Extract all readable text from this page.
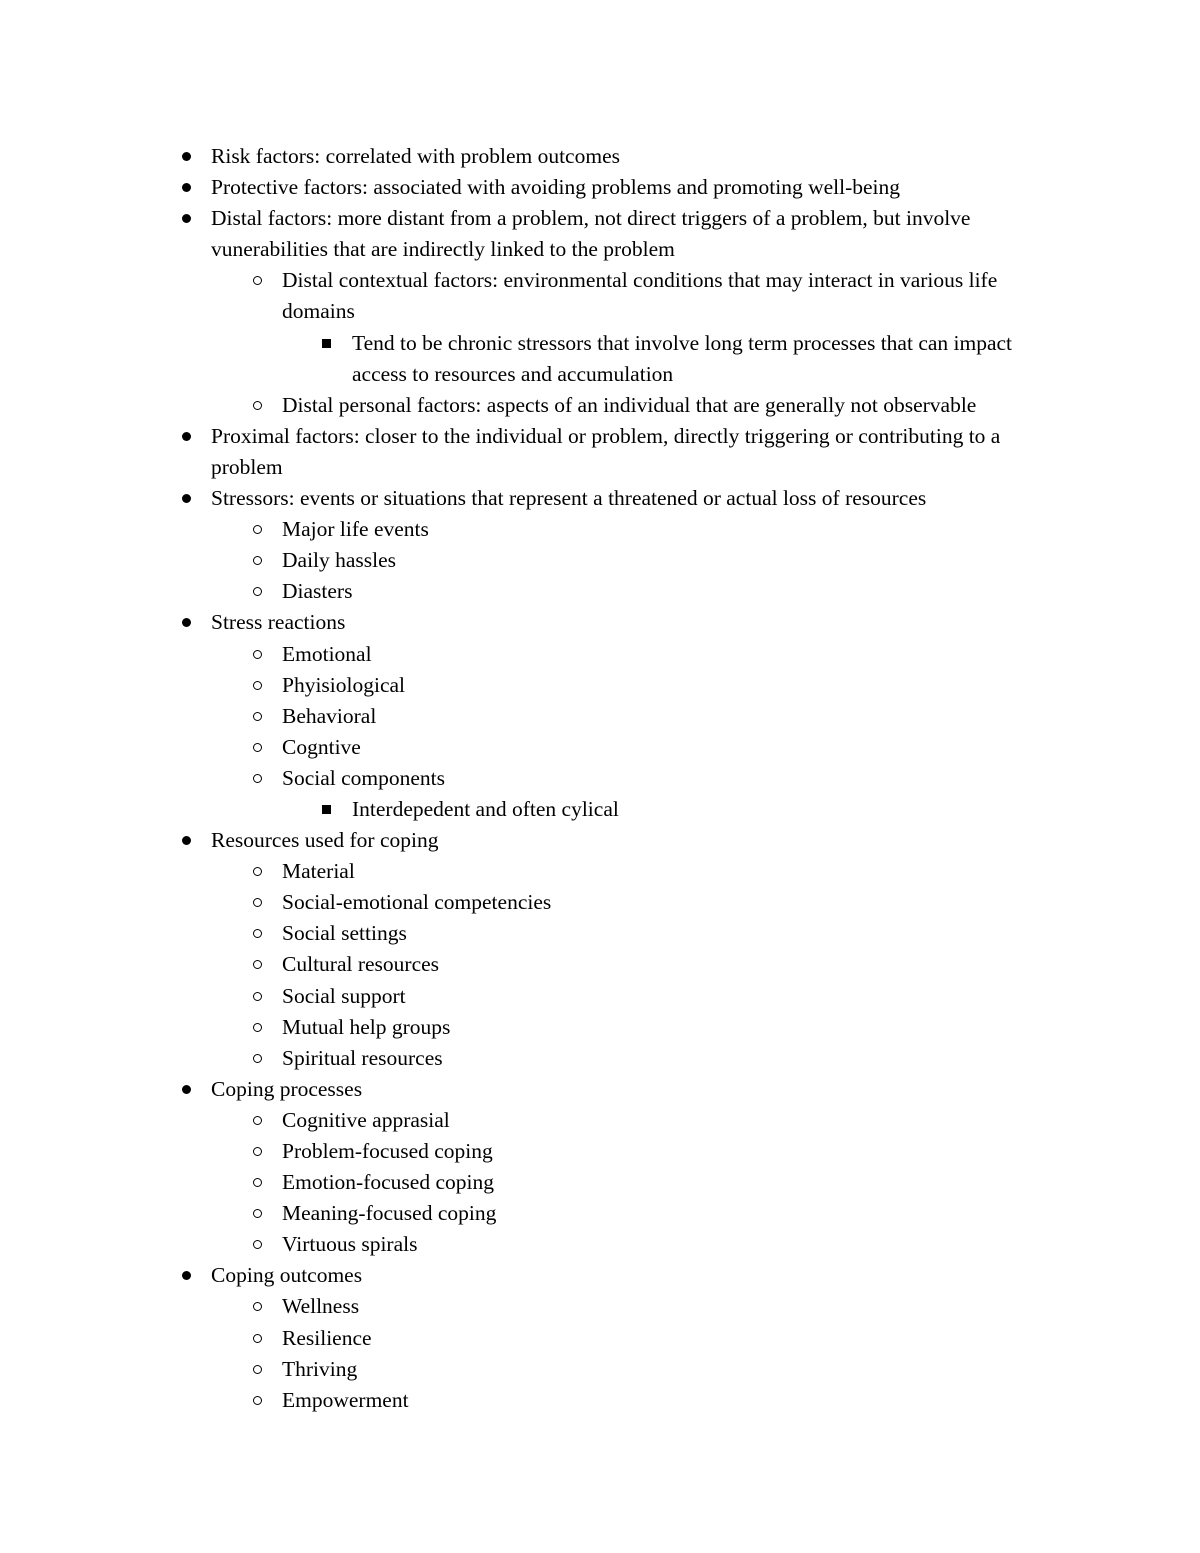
Risk factors: correlated with problem outcomes
Protective factors: associated with avoiding problems and promoting well-being
Distal factors: more distant from a problem, not direct triggers of a problem, but involve vunerabilities that are indirectly linked to the problem
Distal contextual factors: environmental conditions that may interact in various life domains
Tend to be chronic stressors that involve long term processes that can impact access to resources and accumulation
Distal personal factors: aspects of an individual that are generally not observable
Proximal factors: closer to the individual or problem, directly triggering or contributing to a problem
Stressors: events or situations that represent a threatened or actual loss of resources
Major life events
Daily hassles
Diasters
Stress reactions
Emotional
Phyisiological
Behavioral
Cogntive
Social components
Interdepedent and often cylical
Resources used for coping
Material
Social-emotional competencies
Social settings
Cultural resources
Social support
Mutual help groups
Spiritual resources
Coping processes
Cognitive apprasial
Problem-focused coping
Emotion-focused coping
Meaning-focused coping
Virtuous spirals
Coping outcomes
Wellness
Resilience
Thriving
Empowerment
